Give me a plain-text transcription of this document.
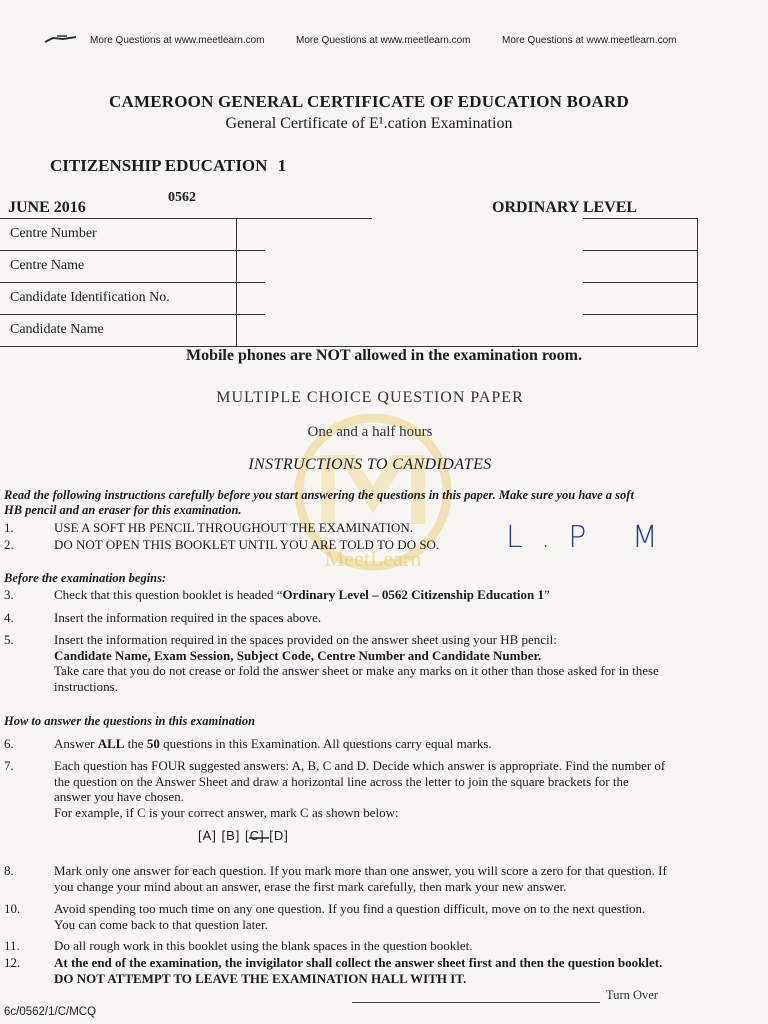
More Questions at www.meetlearn.com	More Questions at www.meetlearn.com	More Questions at www.meetlearn.com
CAMEROON GENERAL CERTIFICATE OF EDUCATION BOARD
General Certificate of E¹.cation Examination
CITIZENSHIP EDUCATION 1
0562
JUNE 2016	ORDINARY LEVEL
Centre Number
Centre Name
Candidate Identification No.
Candidate Name
MeetLearn
Mobile phones are NOT allowed in the examination room.
MULTIPLE CHOICE QUESTION PAPER
One and a half hours
INSTRUCTIONS TO CANDIDATES
Read the following instructions carefully before you start answering the questions in this paper. Make sure you have a soft
HB pencil and an eraser for this examination.
1.	USE A SOFT HB PENCIL THROUGHOUT THE EXAMINATION.
2.	DO NOT OPEN THIS BOOKLET UNTIL YOU ARE TOLD TO DO SO.	L.P M
Before the examination begins:
3.	Check that this question booklet is headed “Ordinary Level – 0562 Citizenship Education 1”
4.	Insert the information required in the spaces above.
5.	Insert the information required in the spaces provided on the answer sheet using your HB pencil:
Candidate Name, Exam Session, Subject Code, Centre Number and Candidate Number.
Take care that you do not crease or fold the answer sheet or make any marks on it other than those asked for in these
instructions.
How to answer the questions in this examination
6.	Answer ALL the 50 questions in this Examination. All questions carry equal marks.
7.	Each question has FOUR suggested answers: A, B, C and D. Decide which answer is appropriate. Find the number of
the question on the Answer Sheet and draw a horizontal line across the letter to join the square brackets for the
answer you have chosen.
For example, if C is your correct answer, mark C as shown below:
[A] [B] [C] [D]
8.	Mark only one answer for each question. If you mark more than one answer, you will score a zero for that question. If
you change your mind about an answer, erase the first mark carefully, then mark your new answer.
10.	Avoid spending too much time on any one question. If you find a question difficult, move on to the next question.
You can come back to that question later.
11.	Do all rough work in this booklet using the blank spaces in the question booklet.
12.	At the end of the examination, the invigilator shall collect the answer sheet first and then the question booklet.
DO NOT ATTEMPT TO LEAVE THE EXAMINATION HALL WITH IT.
Turn Over
6c/0562/1/C/MCQ
